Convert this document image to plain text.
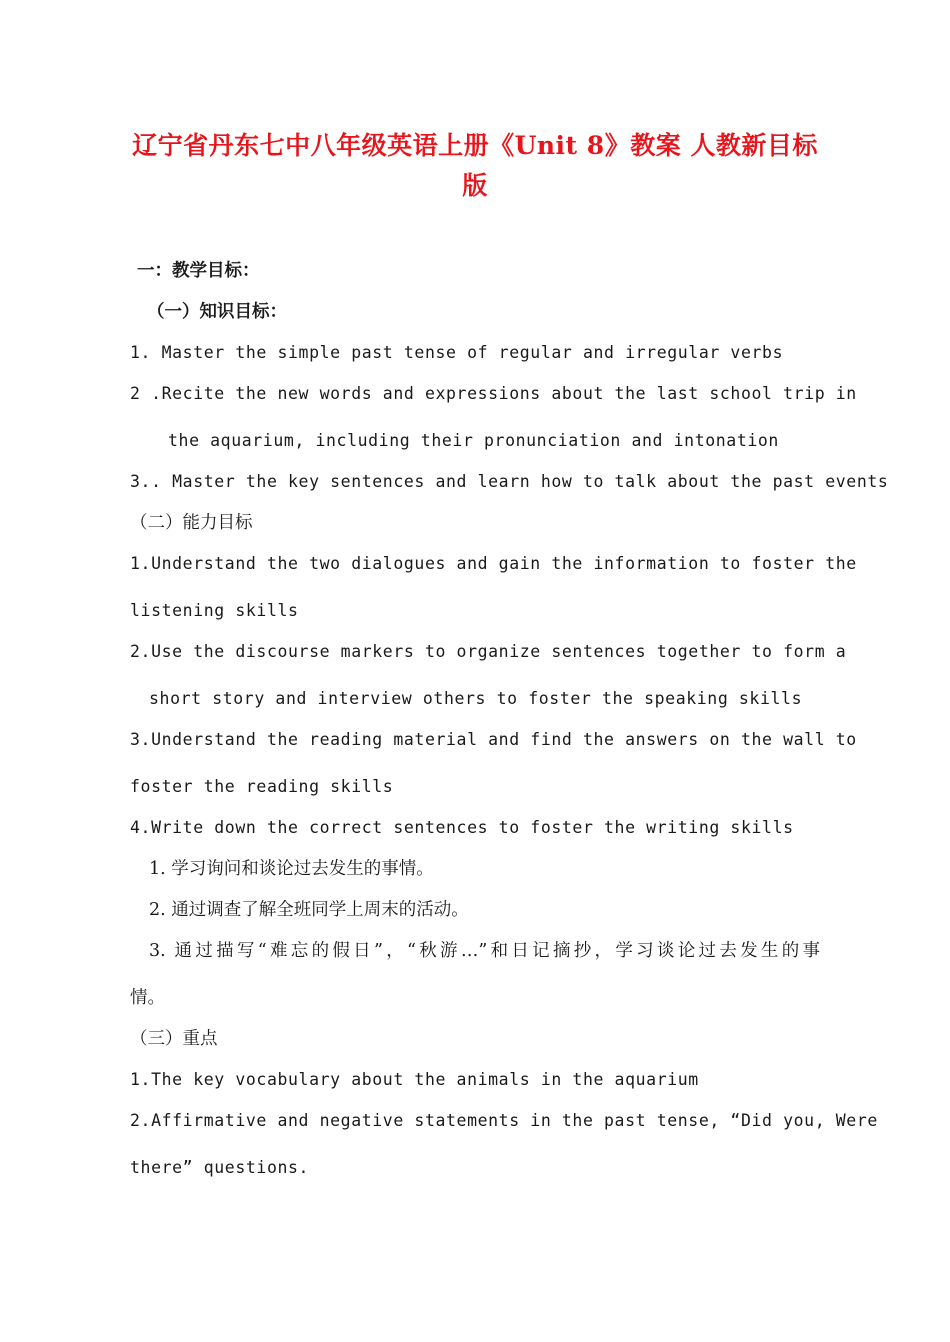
辽宁省丹东七中八年级英语上册《Unit 8》教案 人教新目标版
一：教学目标：
（一）知识目标：
1. Master the simple past tense of regular and irregular verbs
2 .Recite the new words and expressions about the last school trip in
the aquarium, including their pronunciation and intonation
3.. Master the key sentences and learn how to talk about the past events
（二）能力目标
1.Understand the two dialogues and gain the information to foster the
listening skills
2.Use the discourse markers to organize sentences together to form a
short story and interview others to foster the speaking skills
3.Understand the reading material and find the answers on the wall to
foster the reading skills
4.Write down the correct sentences to foster the writing skills
1. 学习询问和谈论过去发生的事情。
2. 通过调查了解全班同学上周末的活动。
3. 通过描写“难忘的假日”，“秋游…”和日记摘抄，学习谈论过去发生的事
情。
（三）重点
1.The key vocabulary about the animals in the aquarium
2.Affirmative and negative statements in the past tense, “Did you, Were
there” questions.
